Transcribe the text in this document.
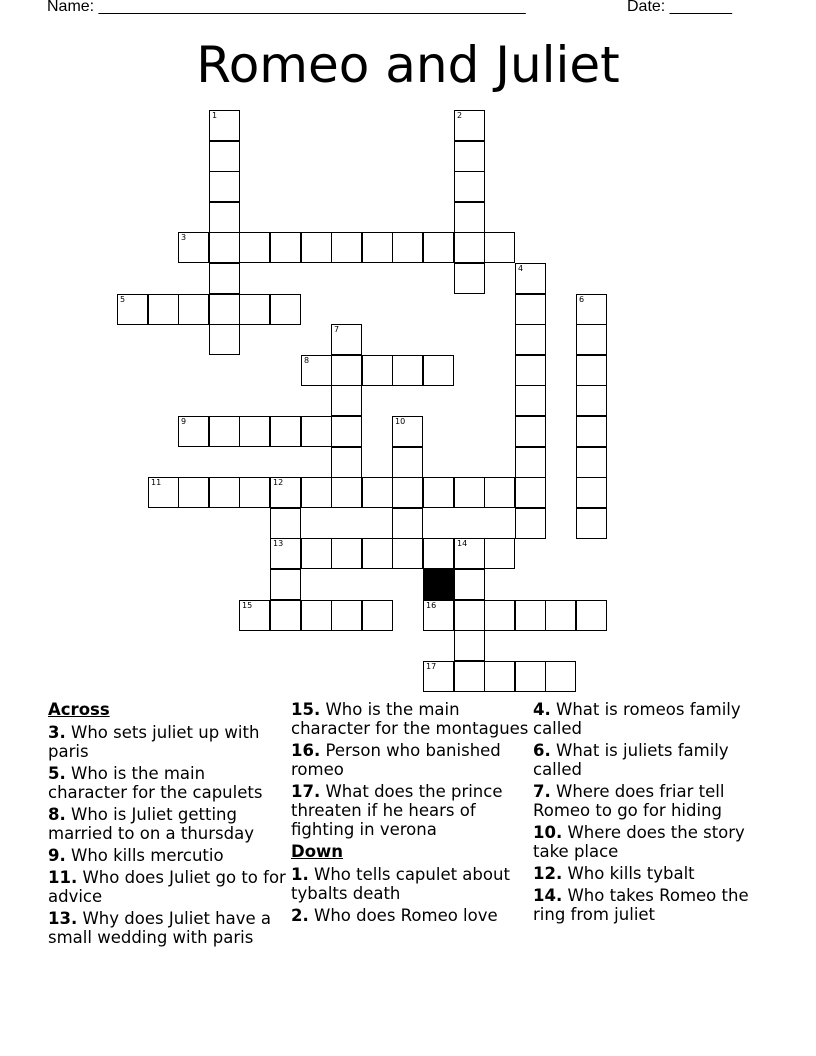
Name: ________________________________________________	Date: _______
Romeo and Juliet
3
5
8
9
11	12
13	14
15	16
17
1	2
4
6
7
10
Across
3. Who sets juliet up with paris
5. Who is the main character for the capulets
8. Who is Juliet getting married to on a thursday
9. Who kills mercutio
11. Who does Juliet go to for advice
13. Why does Juliet have a small wedding with paris
15. Who is the main character for the montagues
16. Person who banished romeo
17. What does the prince threaten if he hears of fighting in verona
Down
1. Who tells capulet about tybalts death
2. Who does Romeo love
4. What is romeos family called
6. What is juliets family called
7. Where does friar tell Romeo to go for hiding
10. Where does the story take place
12. Who kills tybalt
14. Who takes Romeo the ring from juliet
